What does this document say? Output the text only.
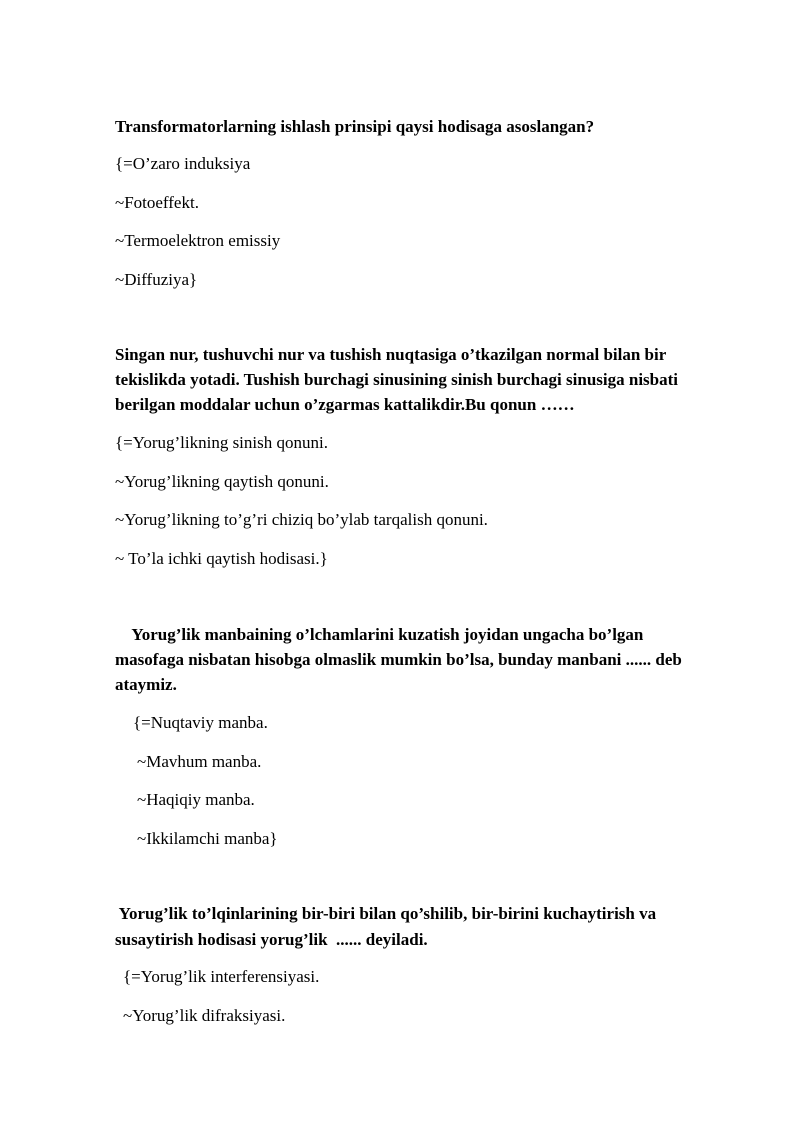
Transformatorlarning ishlash prinsipi qaysi hodisaga asoslangan?
{=O’zaro induksiya
~Fotoeffekt.
~Termoelektron emissiy
~Diffuziya}
Singan nur, tushuvchi nur va tushish nuqtasiga o’tkazilgan normal bilan bir
tekislikda yotadi. Tushish burchagi sinusining sinish burchagi sinusiga nisbati
berilgan moddalar uchun o’zgarmas kattalikdir.Bu qonun ……
{=Yorug’likning sinish qonuni.
~Yorug’likning qaytish qonuni.
~Yorug’likning to’g’ri chiziq bo’ylab tarqalish qonuni.
~ To’la ichki qaytish hodisasi.}
Yorug’lik manbaining o’lchamlarini kuzatish joyidan ungacha bo’lgan
masofaga nisbatan hisobga olmaslik mumkin bo’lsa, bunday manbani ...... deb
ataymiz.
{=Nuqtaviy manba.
~Mavhum manba.
~Haqiqiy manba.
~Ikkilamchi manba}
Yorug’lik to’lqinlarining bir-biri bilan qo’shilib, bir-birini kuchaytirish va
susaytirish hodisasi yorug’lik  ...... deyiladi.
{=Yorug’lik interferensiyasi.
~Yorug’lik difraksiyasi.
